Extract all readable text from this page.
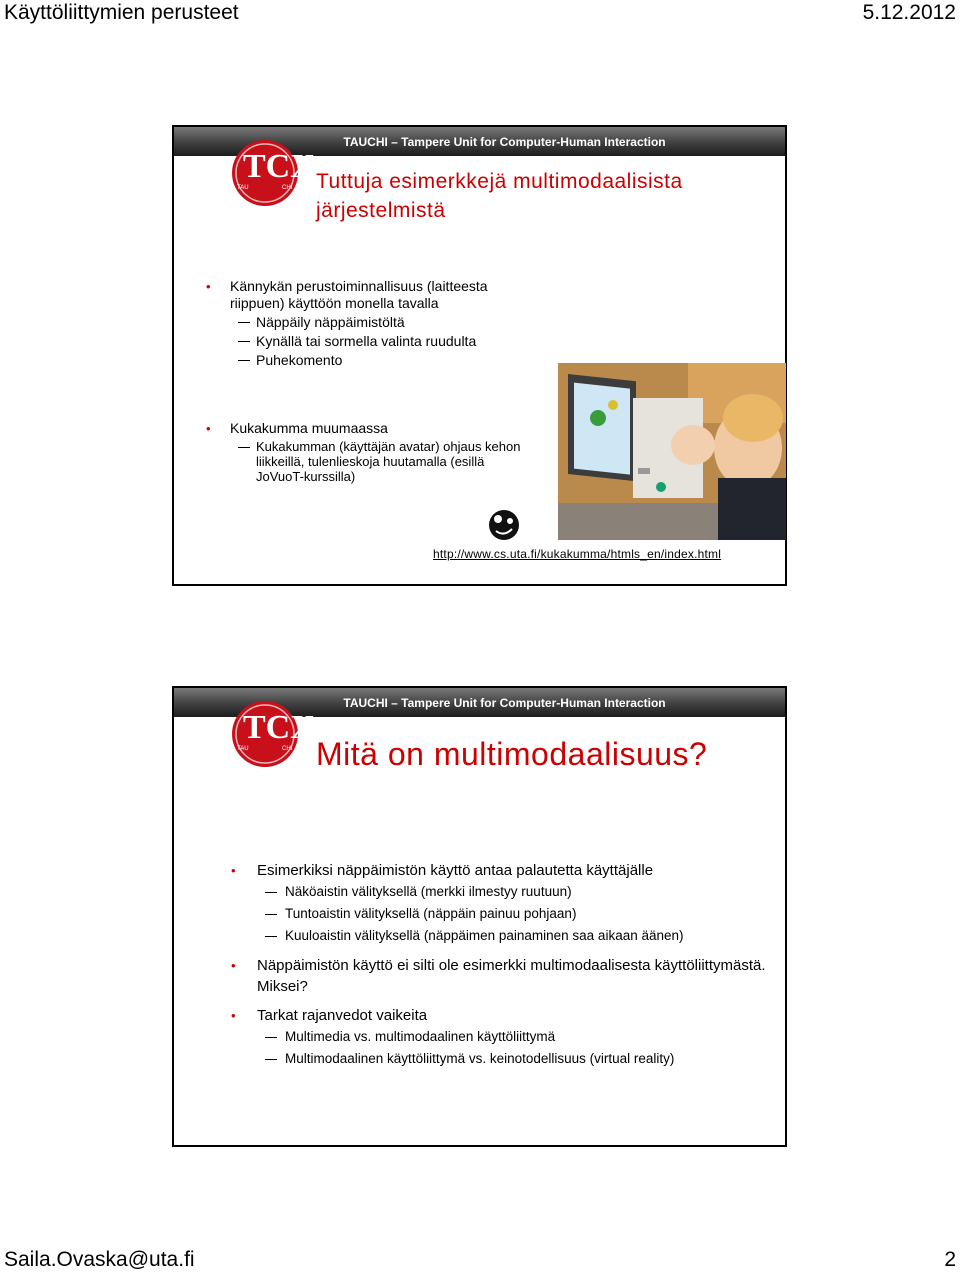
Käyttöliittymien perusteet	5.12.2012
TAUCHI – Tampere Unit for Computer-Human Interaction
TCX
TAU	CHI Tuttuja esimerkkejä multimodaalisista järjestelmistä
• Kännykän perustoiminnallisuus (laitteesta riippuen) käyttöön monella tavalla
Näppäily näppäimistöltä
Kynällä tai sormella valinta ruudulta
Puhekomento
• Kukakumma muumaassa
Kukakumman (käyttäjän avatar) ohjaus kehon liikkeillä, tulenlieskoja huutamalla (esillä JoVuoT-kurssilla)
http://www.cs.uta.fi/kukakumma/htmls_en/index.html
TAUCHI – Tampere Unit for Computer-Human Interaction
TCX
TAU	CHI Mitä on multimodaalisuus?
• Esimerkiksi näppäimistön käyttö antaa palautetta käyttäjälle
Näköaistin välityksellä (merkki ilmestyy ruutuun)
Tuntoaistin välityksellä (näppäin painuu pohjaan)
Kuuloaistin välityksellä (näppäimen painaminen saa aikaan äänen)
• Näppäimistön käyttö ei silti ole esimerkki multimodaalisesta käyttöliittymästä. Miksei?
• Tarkat rajanvedot vaikeita
Multimedia vs. multimodaalinen käyttöliittymä
Multimodaalinen käyttöliittymä vs. keinotodellisuus (virtual reality)
Saila.Ovaska@uta.fi	2
